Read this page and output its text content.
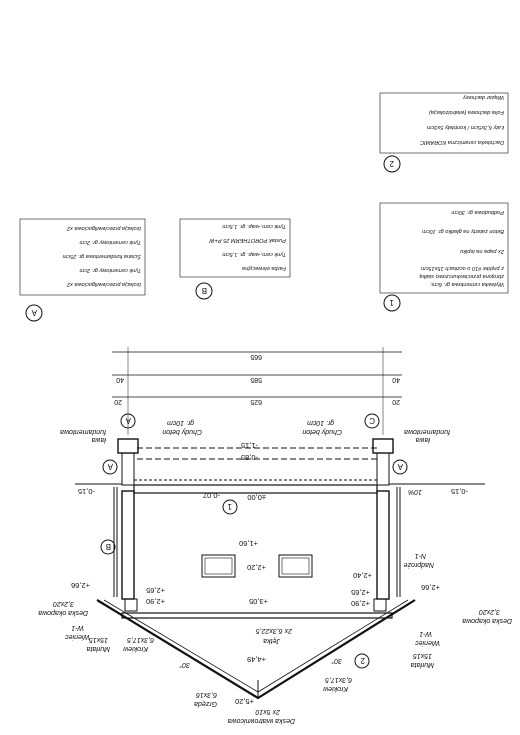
Deska wiatrownicowa
2x 5x10
Grzęda
6,3x16
Krokiew
6,3x17,5
Krokiew
6,3x17,5
30°
30°	Murłata
15x15
Murłata
15x15	Wieniec
W-1
Wieniec
W-1
Deska okapowa
3,2x20
Deska okapowa
3,2x20
Jętka
2x 6,3x22,5
Nadproże
N-1
10%
Chudy beton
gr. 10cm
Chudy beton
gr. 10cm
ława
fundamentowa
ława
fundamentowa
+5,20
+4,49
+3,05	+2,90
+2,65
+2,40
+2,90
+2,65	+2,66
+2,66
+2,20
+1,60
±0,00
-0,07	-0,15
-0,15
-0,85
-1,15
20
625
20
40
585
40
665
C
A
A
A
B
1
2
1
B
A
2
Wylewka cementowa gr. 6cm,
zbrojona przeciwskurczowo siatką
z prętów #10 o oczkach 15x15cm
2x papa na lepiku
Beton zatarty na gładko gr. 10cm
Podbudowa gr. 30cm
Farba elewacyjna
Tynk cem.-wap. gr. 1,5cm
Pustak POROTHERM 25 P+W
Tynk cem.-wap. gr. 1,5cm
Izolacja przeciwwilgociowa x2
Tynk cementowy gr. 2cm
Ściana fundamentowa gr. 25cm
Tynk cementowy gr. 2cm
Izolacja przeciwwilgociowa x2
Dachówka ceramiczna KORAMIC
Łaty 6,3x5cm / kontrłaty 5x3cm
Folia dachowa (wiatroizolacja)
Wiązar dachowy
